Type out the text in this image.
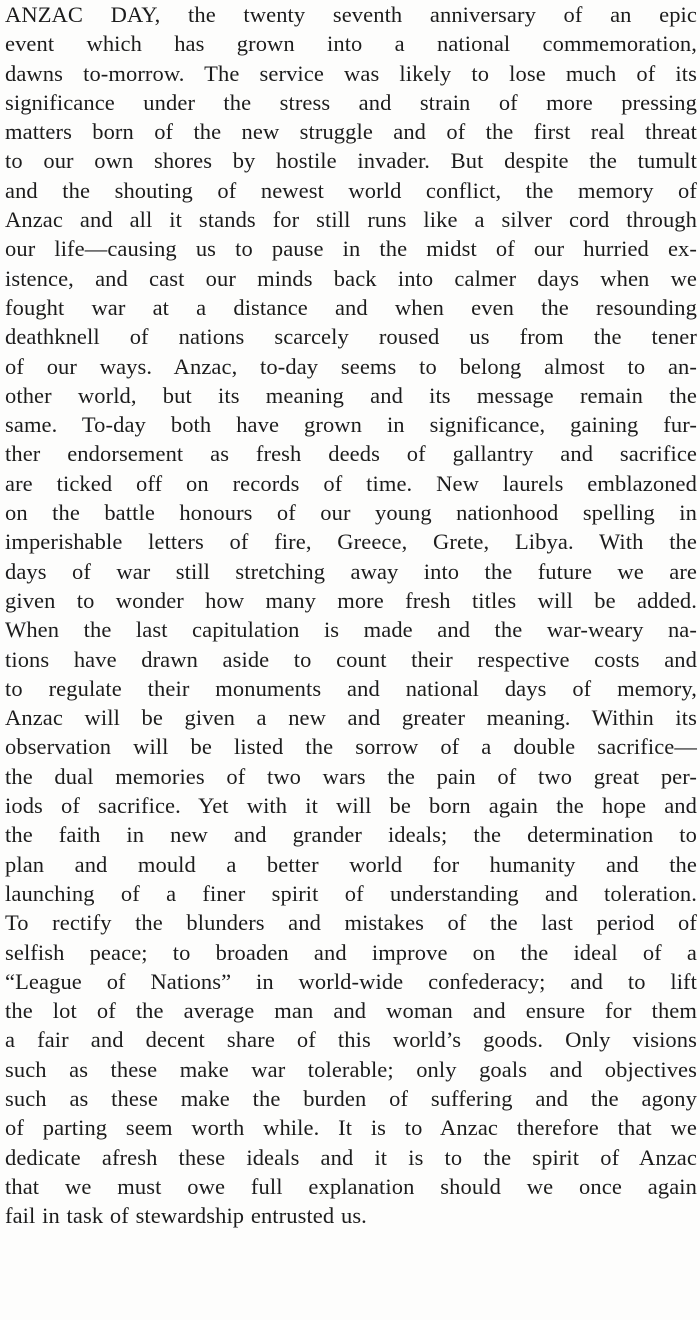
ANZAC DAY, the twenty seventh anniversary of an epic
event which has grown into a national commemoration,
dawns to-morrow. The service was likely to lose much of its
significance under the stress and strain of more pressing
matters born of the new struggle and of the first real threat
to our own shores by hostile invader. But despite the tumult
and the shouting of newest world conflict, the memory of
Anzac and all it stands for still runs like a silver cord through
our life—causing us to pause in the midst of our hurried ex-
istence, and cast our minds back into calmer days when we
fought war at a distance and when even the resounding
deathknell of nations scarcely roused us from the tener
of our ways. Anzac, to-day seems to belong almost to an-
other world, but its meaning and its message remain the
same. To-day both have grown in significance, gaining fur-
ther endorsement as fresh deeds of gallantry and sacrifice
are ticked off on records of time. New laurels emblazoned
on the battle honours of our young nationhood spelling in
imperishable letters of fire, Greece, Grete, Libya. With the
days of war still stretching away into the future we are
given to wonder how many more fresh titles will be added.
When the last capitulation is made and the war-weary na-
tions have drawn aside to count their respective costs and
to regulate their monuments and national days of memory,
Anzac will be given a new and greater meaning. Within its
observation will be listed the sorrow of a double sacrifice—
the dual memories of two wars the pain of two great per-
iods of sacrifice. Yet with it will be born again the hope and
the faith in new and grander ideals; the determination to
plan and mould a better world for humanity and the
launching of a finer spirit of understanding and toleration.
To rectify the blunders and mistakes of the last period of
selfish peace; to broaden and improve on the ideal of a
“League of Nations” in world-wide confederacy; and to lift
the lot of the average man and woman and ensure for them
a fair and decent share of this world’s goods. Only visions
such as these make war tolerable; only goals and objectives
such as these make the burden of suffering and the agony
of parting seem worth while. It is to Anzac therefore that we
dedicate afresh these ideals and it is to the spirit of Anzac
that we must owe full explanation should we once again
fail in task of stewardship entrusted us.
